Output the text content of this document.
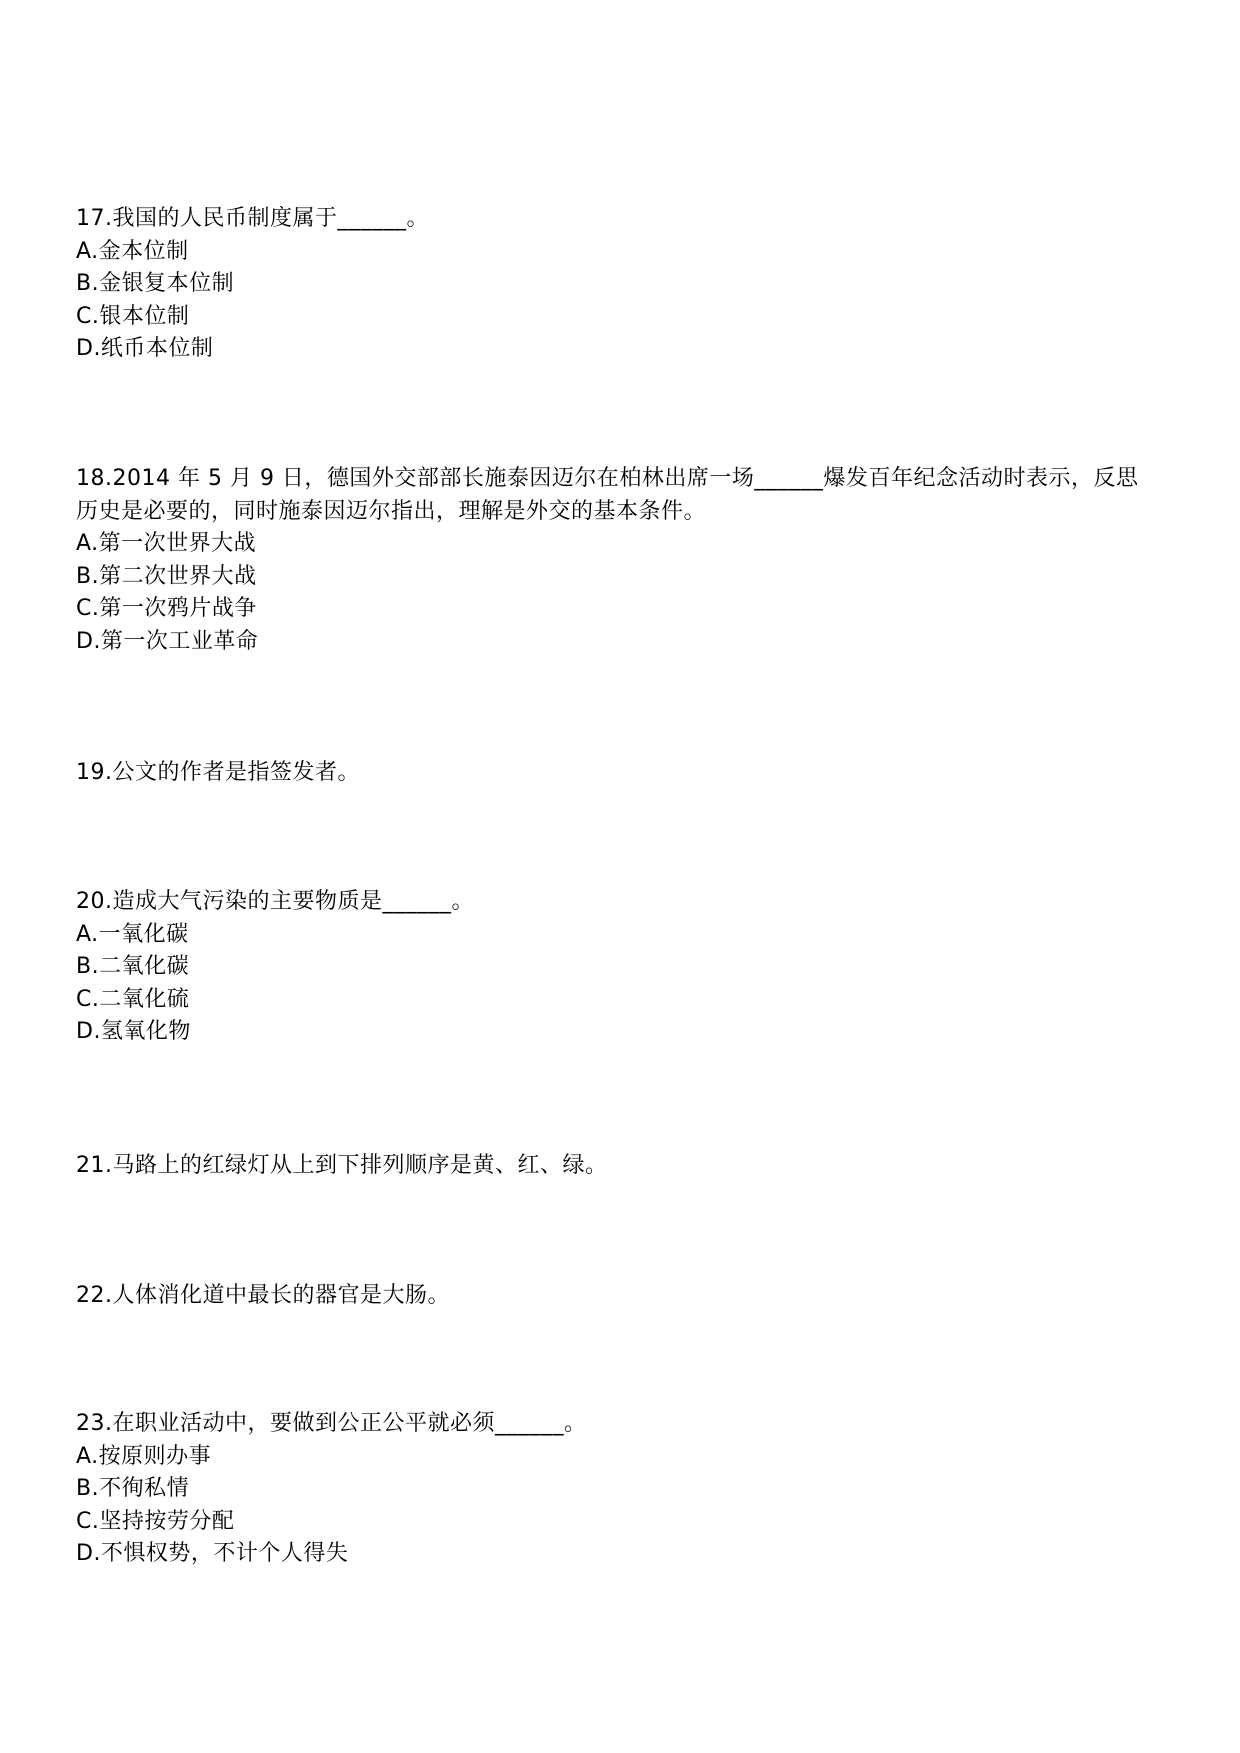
17.我国的人民币制度属于______。

A.金本位制
B.金银复本位制
C.银本位制
D.纸币本位制

18.2014 年 5 月 9 日，德国外交部部长施泰因迈尔在柏林出席一场______爆发百年纪念活动时表示，反思历史是必要的，同时施泰因迈尔指出，理解是外交的基本条件。

A.第一次世界大战
B.第二次世界大战
C.第一次鸦片战争
D.第一次工业革命

19.公文的作者是指签发者。

20.造成大气污染的主要物质是______。

A.一氧化碳
B.二氧化碳
C.二氧化硫
D.氢氧化物

21.马路上的红绿灯从上到下排列顺序是黄、红、绿。

22.人体消化道中最长的器官是大肠。

23.在职业活动中，要做到公正公平就必须______。

A.按原则办事
B.不徇私情
C.坚持按劳分配
D.不惧权势，不计个人得失
